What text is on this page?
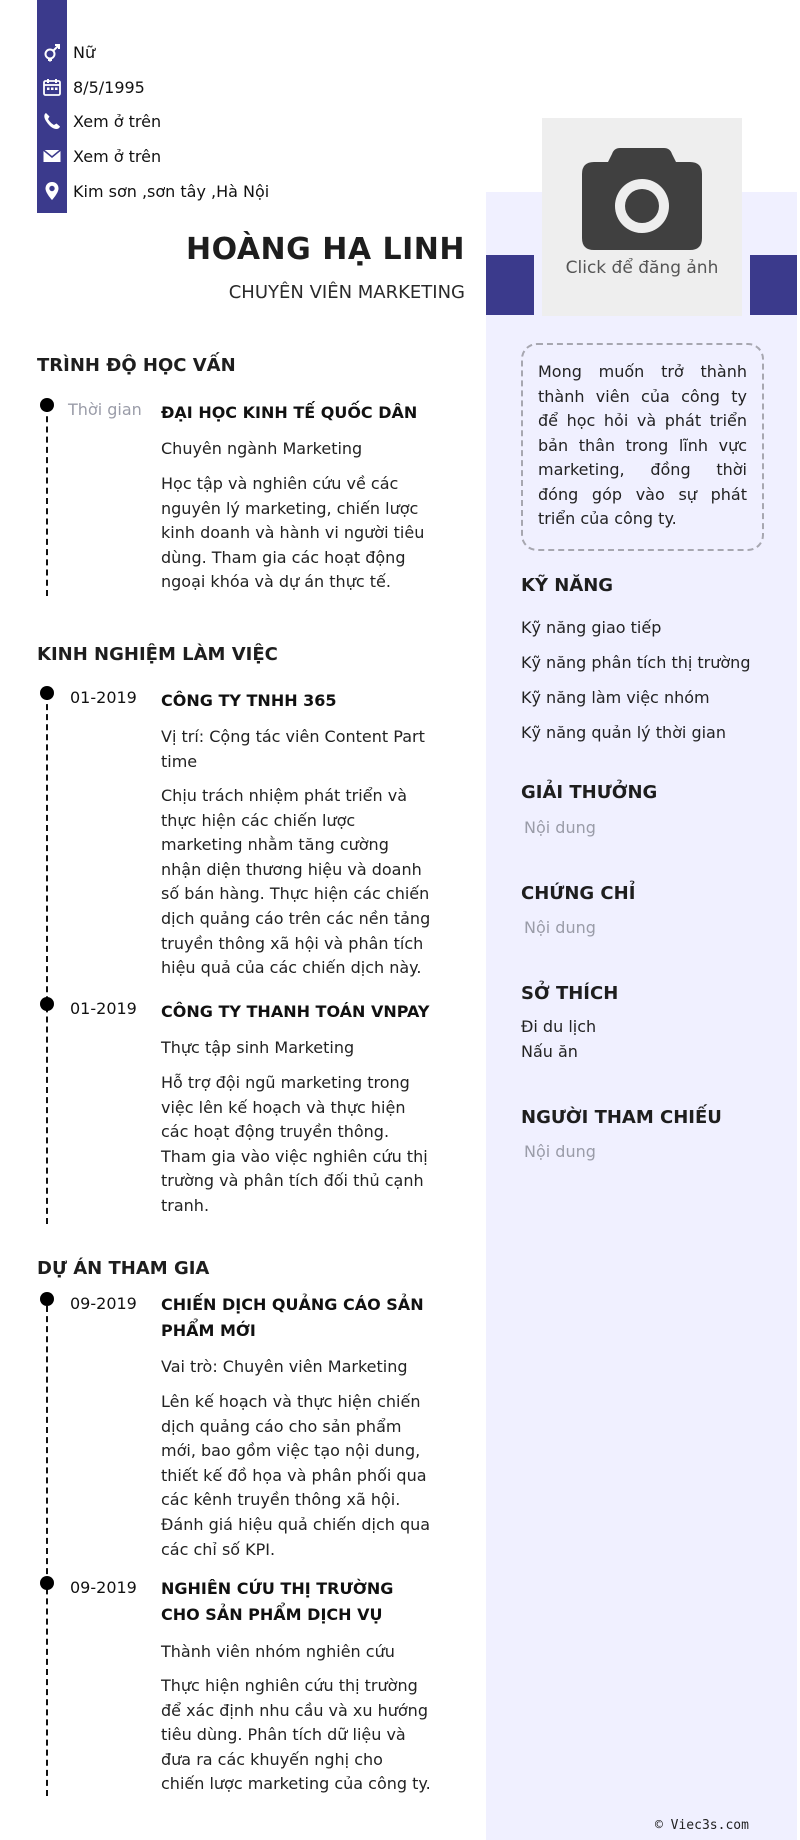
Nữ
8/5/1995
Xem ở trên
Xem ở trên
Kim sơn ,sơn tây ,Hà Nội
HOÀNG HẠ LINH
CHUYÊN VIÊN MARKETING
Click để đăng ảnh
Mong muốn trở thành thành viên của công ty để học hỏi và phát triển bản thân trong lĩnh vực marketing, đồng thời đóng góp vào sự phát triển của công ty.
KỸ NĂNG
Kỹ năng giao tiếp
Kỹ năng phân tích thị trường
Kỹ năng làm việc nhóm
Kỹ năng quản lý thời gian
GIẢI THƯỞNG
Nội dung
CHỨNG CHỈ
Nội dung
SỞ THÍCH
Đi du lịch
Nấu ăn
NGƯỜI THAM CHIẾU
Nội dung
TRÌNH ĐỘ HỌC VẤN
Thời gian ĐẠI HỌC KINH TẾ QUỐC DÂN
Chuyên ngành Marketing
Học tập và nghiên cứu về các nguyên lý marketing, chiến lược kinh doanh và hành vi người tiêu dùng. Tham gia các hoạt động ngoại khóa và dự án thực tế.
KINH NGHIỆM LÀM VIỆC
01-2019 CÔNG TY TNHH 365
Vị trí: Cộng tác viên Content Part time
Chịu trách nhiệm phát triển và thực hiện các chiến lược marketing nhằm tăng cường nhận diện thương hiệu và doanh số bán hàng. Thực hiện các chiến dịch quảng cáo trên các nền tảng truyền thông xã hội và phân tích hiệu quả của các chiến dịch này.
01-2019 CÔNG TY THANH TOÁN VNPAY
Thực tập sinh Marketing
Hỗ trợ đội ngũ marketing trong việc lên kế hoạch và thực hiện các hoạt động truyền thông. Tham gia vào việc nghiên cứu thị trường và phân tích đối thủ cạnh tranh.
DỰ ÁN THAM GIA
09-2019 CHIẾN DỊCH QUẢNG CÁO SẢN PHẨM MỚI
Vai trò: Chuyên viên Marketing
Lên kế hoạch và thực hiện chiến dịch quảng cáo cho sản phẩm mới, bao gồm việc tạo nội dung, thiết kế đồ họa và phân phối qua các kênh truyền thông xã hội. Đánh giá hiệu quả chiến dịch qua các chỉ số KPI.
09-2019 NGHIÊN CỨU THỊ TRƯỜNG CHO SẢN PHẨM DỊCH VỤ
Thành viên nhóm nghiên cứu
Thực hiện nghiên cứu thị trường để xác định nhu cầu và xu hướng tiêu dùng. Phân tích dữ liệu và đưa ra các khuyến nghị cho chiến lược marketing của công ty.
© Viec3s.com
